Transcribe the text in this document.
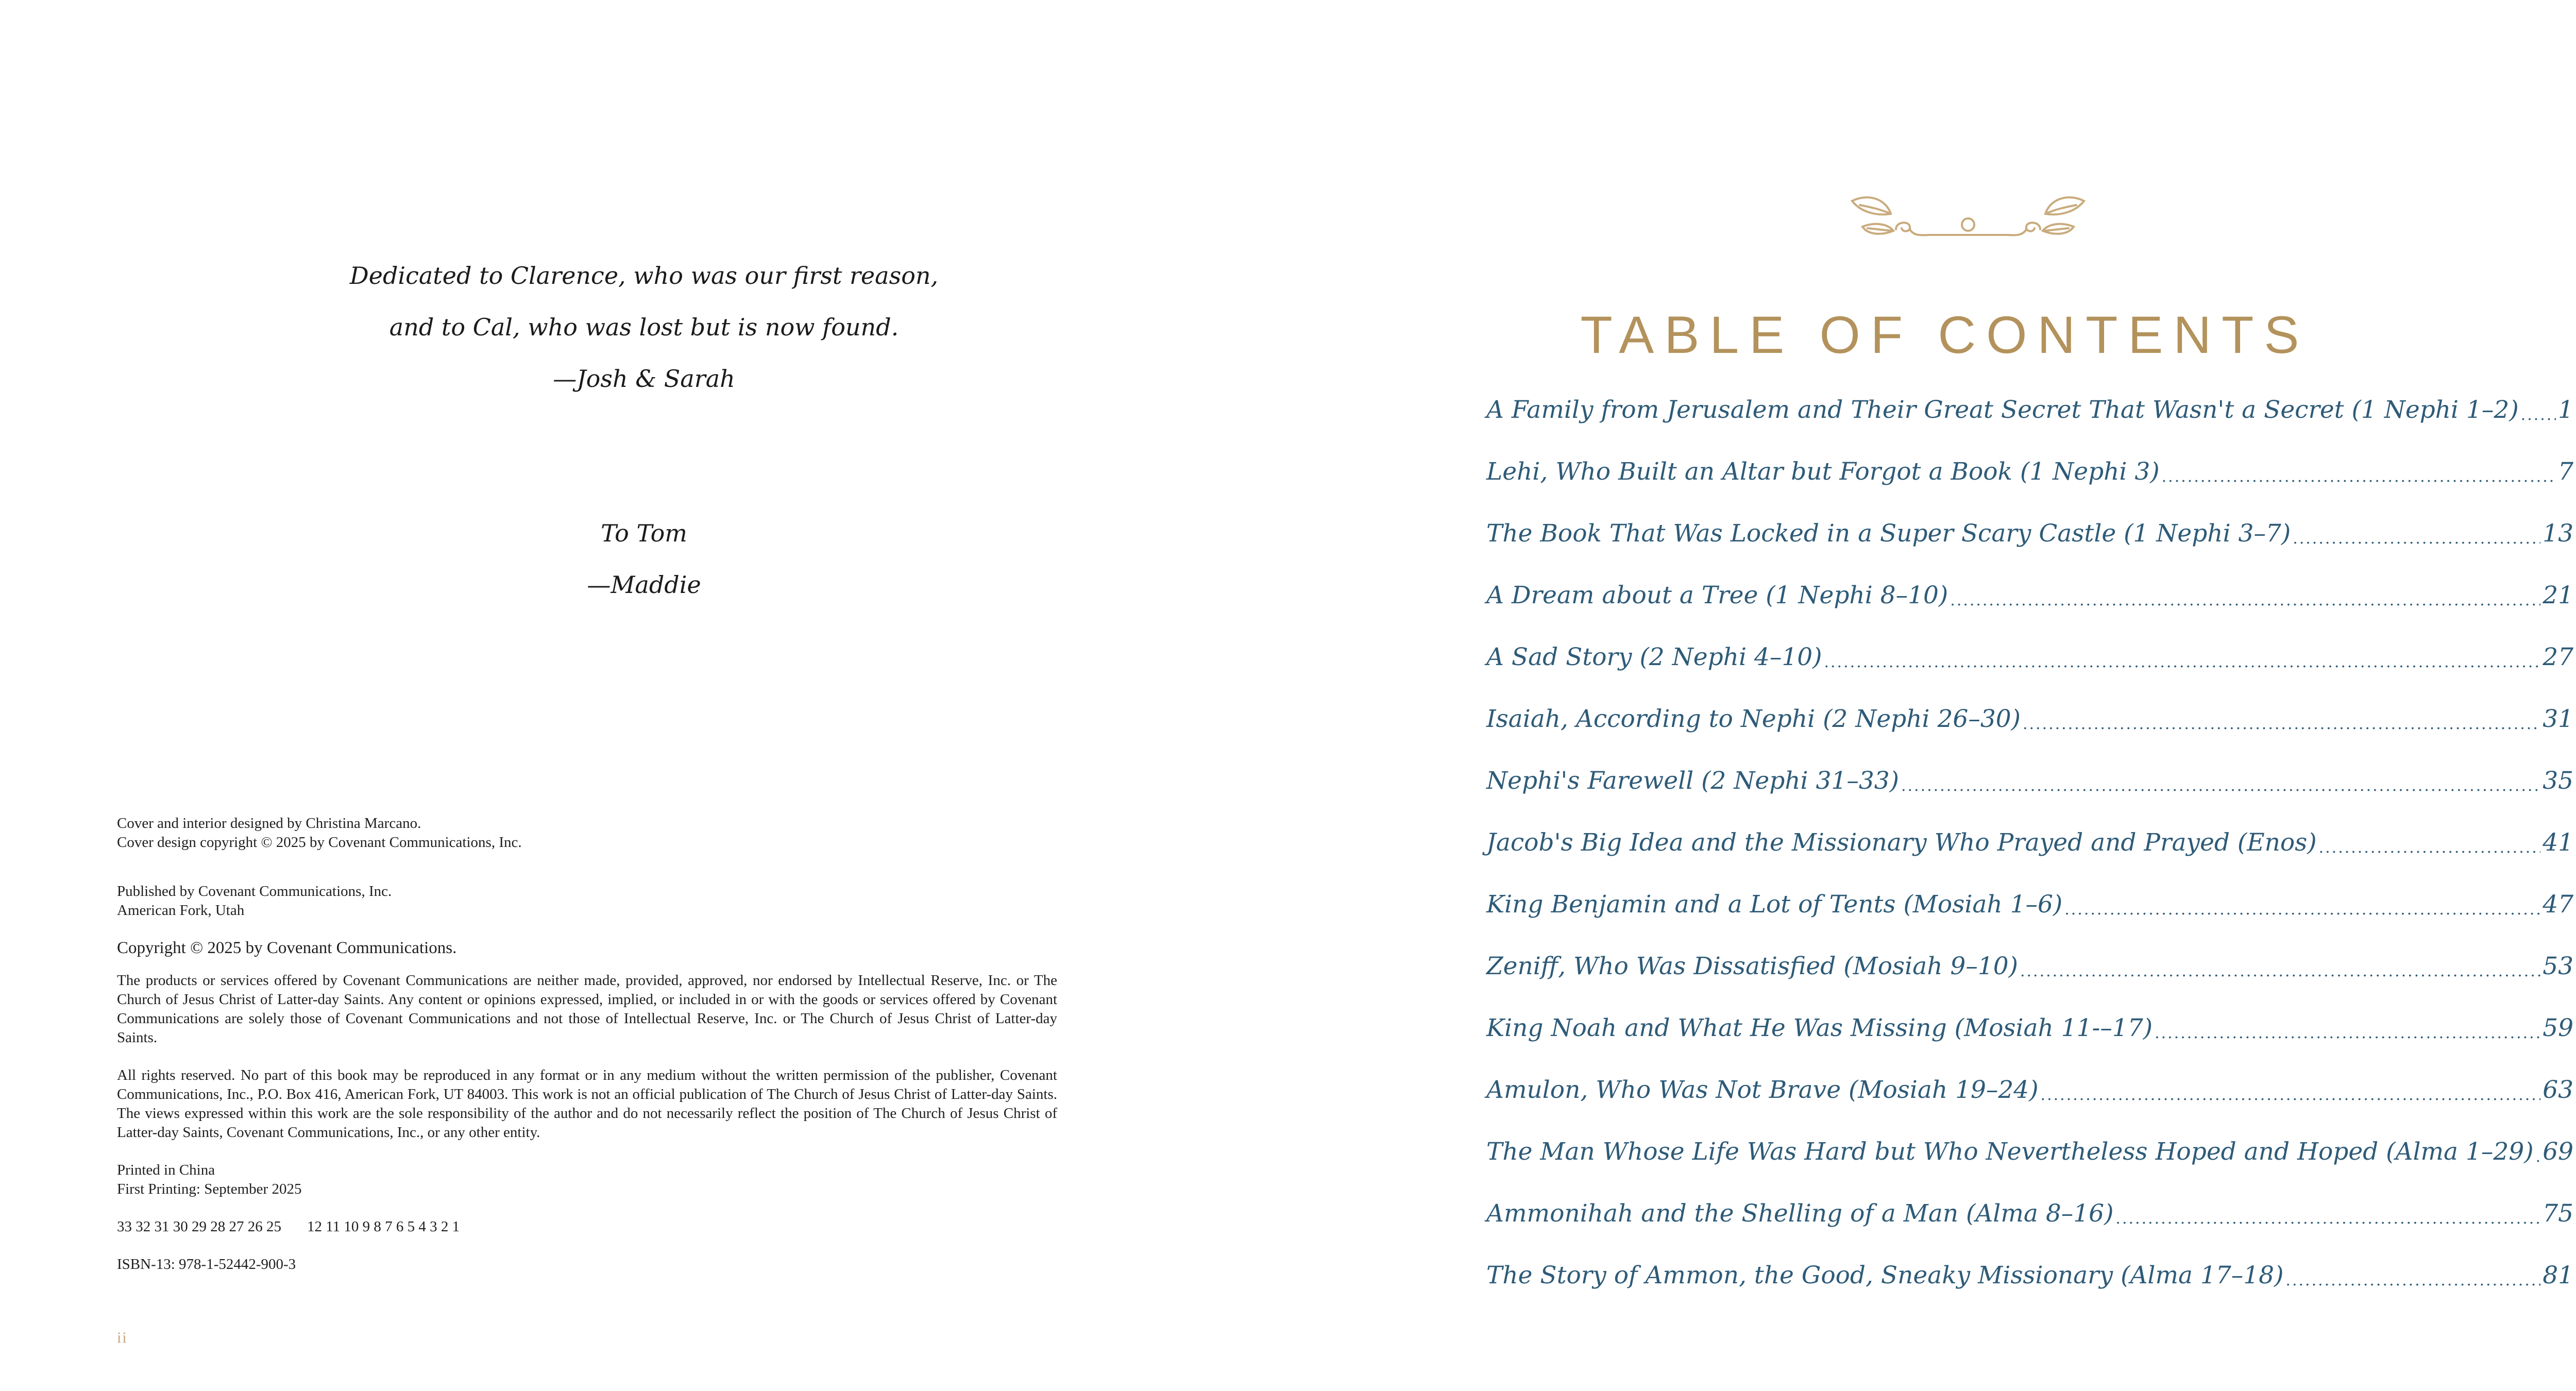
Dedicated to Clarence, who was our first reason,
and to Cal, who was lost but is now found.
—Josh & Sarah
To Tom
—Maddie
Cover and interior designed by Christina Marcano.
Cover design copyright © 2025 by Covenant Communications, Inc.
Published by Covenant Communications, Inc.
American Fork, Utah
Copyright © 2025 by Covenant Communications.
The products or services offered by Covenant Communications are neither made, provided, approved, nor endorsed by Intellectual Reserve, Inc. or The Church of Jesus Christ of Latter-day Saints. Any content or opinions expressed, implied, or included in or with the goods or services offered by Covenant Communications are solely those of Covenant Communications and not those of Intellectual Reserve, Inc. or The Church of Jesus Christ of Latter-day Saints.
All rights reserved. No part of this book may be reproduced in any format or in any medium without the written permission of the publisher, Covenant Communications, Inc., P.O. Box 416, American Fork, UT 84003. This work is not an official publication of The Church of Jesus Christ of Latter-day Saints. The views expressed within this work are the sole responsibility of the author and do not necessarily reflect the position of The Church of Jesus Christ of Latter-day Saints, Covenant Communications, Inc., or any other entity.
Printed in China
First Printing: September 2025
33 32 31 30 29 28 27 26 25 12 11 10 9 8 7 6 5 4 3 2 1
ISBN-13: 978-1-52442-900-3
ii
TABLE OF CONTENTS
A Family from Jerusalem and Their Great Secret That Wasn't a Secret (1 Nephi 1–2) ..... 1
Lehi, Who Built an Altar but Forgot a Book (1 Nephi 3) .....	7
The Book That Was Locked in a Super Scary Castle (1 Nephi 3–7) .....	13
A Dream about a Tree (1 Nephi 8–10) .....	21
A Sad Story (2 Nephi 4–10) .....	27
Isaiah, According to Nephi (2 Nephi 26–30) .....	31
Nephi's Farewell (2 Nephi 31–33) .....	35
Jacob's Big Idea and the Missionary Who Prayed and Prayed (Enos) .....	41
King Benjamin and a Lot of Tents (Mosiah 1–6) .....	47
Zeniff, Who Was Dissatisfied (Mosiah 9–10) .....	53
King Noah and What He Was Missing (Mosiah 11-–17) .....	59
Amulon, Who Was Not Brave (Mosiah 19–24) .....	63
The Man Whose Life Was Hard but Who Nevertheless Hoped and Hoped (Alma 1–29) ..... 69
Ammonihah and the Shelling of a Man (Alma 8–16) .....	75
The Story of Ammon, the Good, Sneaky Missionary (Alma 17–18) .....	81
